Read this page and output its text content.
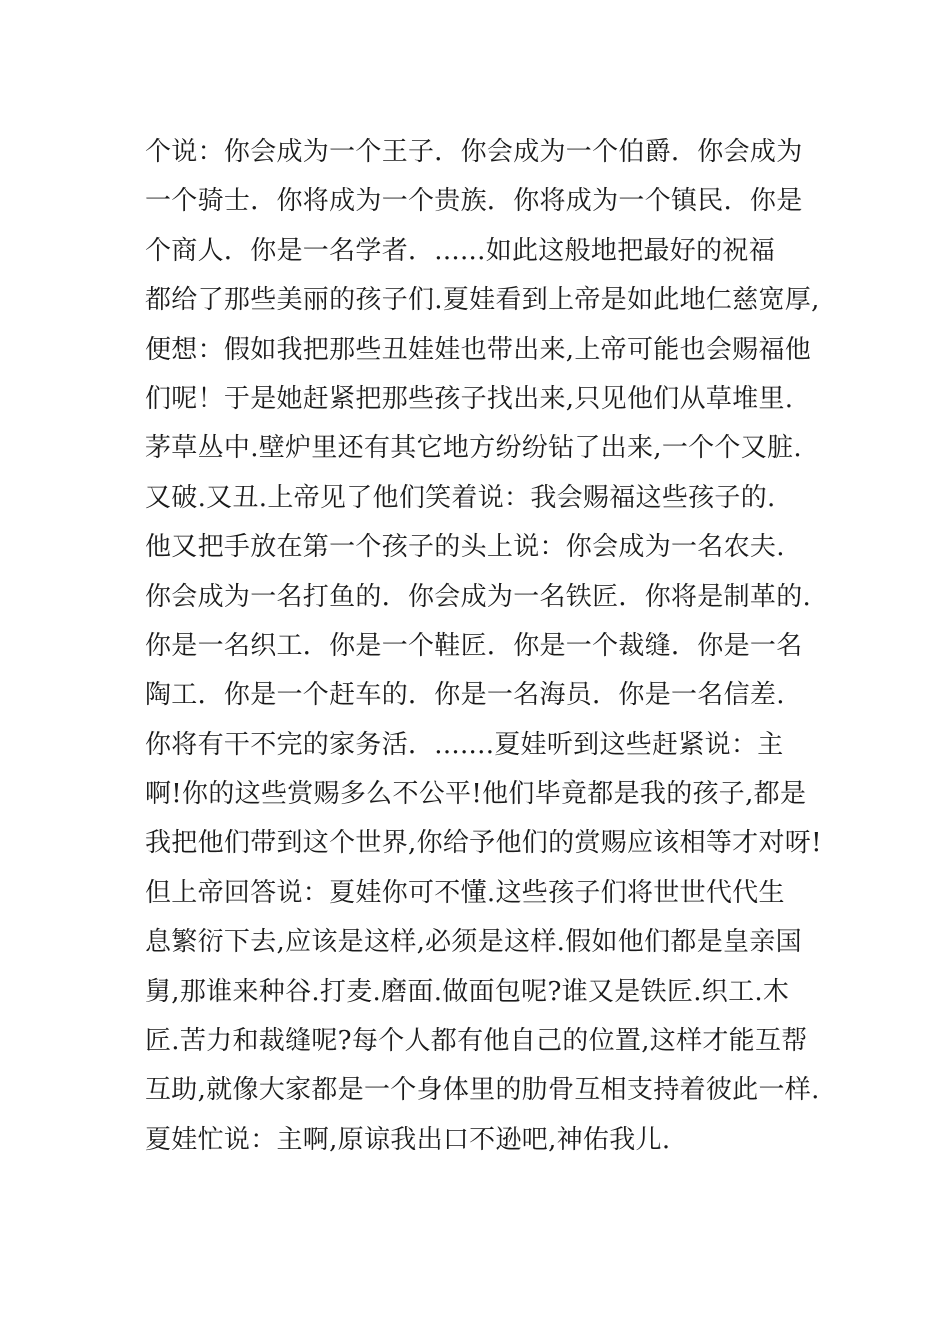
个说：你会成为一个王子．你会成为一个伯爵．你会成为
一个骑士．你将成为一个贵族．你将成为一个镇民．你是
个商人．你是一名学者．......如此这般地把最好的祝福
都给了那些美丽的孩子们.夏娃看到上帝是如此地仁慈宽厚,
便想：假如我把那些丑娃娃也带出来,上帝可能也会赐福他
们呢！于是她赶紧把那些孩子找出来,只见他们从草堆里.
茅草丛中.壁炉里还有其它地方纷纷钻了出来,一个个又脏.
又破.又丑.上帝见了他们笑着说：我会赐福这些孩子的.
他又把手放在第一个孩子的头上说：你会成为一名农夫.
你会成为一名打鱼的．你会成为一名铁匠．你将是制革的.
你是一名织工．你是一个鞋匠．你是一个裁缝．你是一名
陶工．你是一个赶车的．你是一名海员．你是一名信差.
你将有干不完的家务活．.......夏娃听到这些赶紧说：主
啊!你的这些赏赐多么不公平!他们毕竟都是我的孩子,都是
我把他们带到这个世界,你给予他们的赏赐应该相等才对呀!
但上帝回答说：夏娃你可不懂.这些孩子们将世世代代生
息繁衍下去,应该是这样,必须是这样.假如他们都是皇亲国
舅,那谁来种谷.打麦.磨面.做面包呢?谁又是铁匠.织工.木
匠.苦力和裁缝呢?每个人都有他自己的位置,这样才能互帮
互助,就像大家都是一个身体里的肋骨互相支持着彼此一样.
夏娃忙说：主啊,原谅我出口不逊吧,神佑我儿.
